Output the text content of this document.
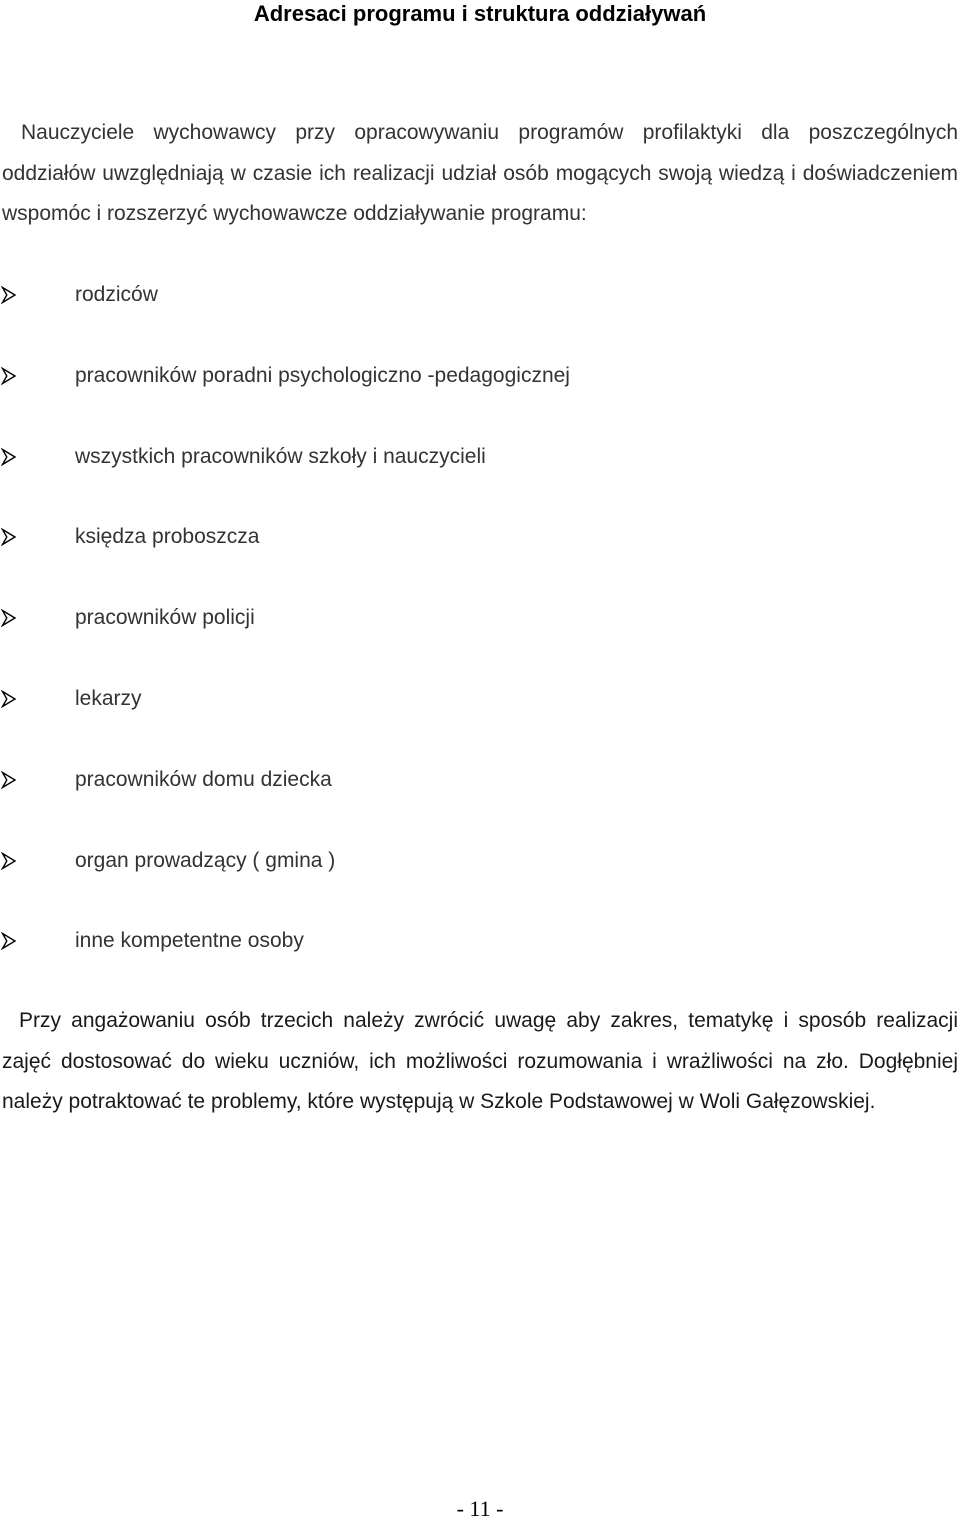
Adresaci programu i struktura oddziaływań

Nauczyciele wychowawcy przy opracowywaniu programów profilaktyki dla poszczególnych oddziałów uwzględniają w czasie ich realizacji udział osób mogących swoją wiedzą i doświadczeniem wspomóc i rozszerzyć wychowawcze oddziaływanie programu:

rodziców
pracowników poradni psychologiczno -pedagogicznej
wszystkich pracowników szkoły i nauczycieli
księdza proboszcza
pracowników policji
lekarzy
pracowników domu dziecka
organ prowadzący ( gmina )
inne kompetentne osoby

Przy angażowaniu osób trzecich należy zwrócić uwagę aby zakres, tematykę i sposób realizacji zajęć dostosować do wieku uczniów, ich możliwości rozumowania i wrażliwości na zło. Dogłębniej należy potraktować te problemy, które występują w Szkole Podstawowej w Woli Gałęzowskiej.

- 11 -
